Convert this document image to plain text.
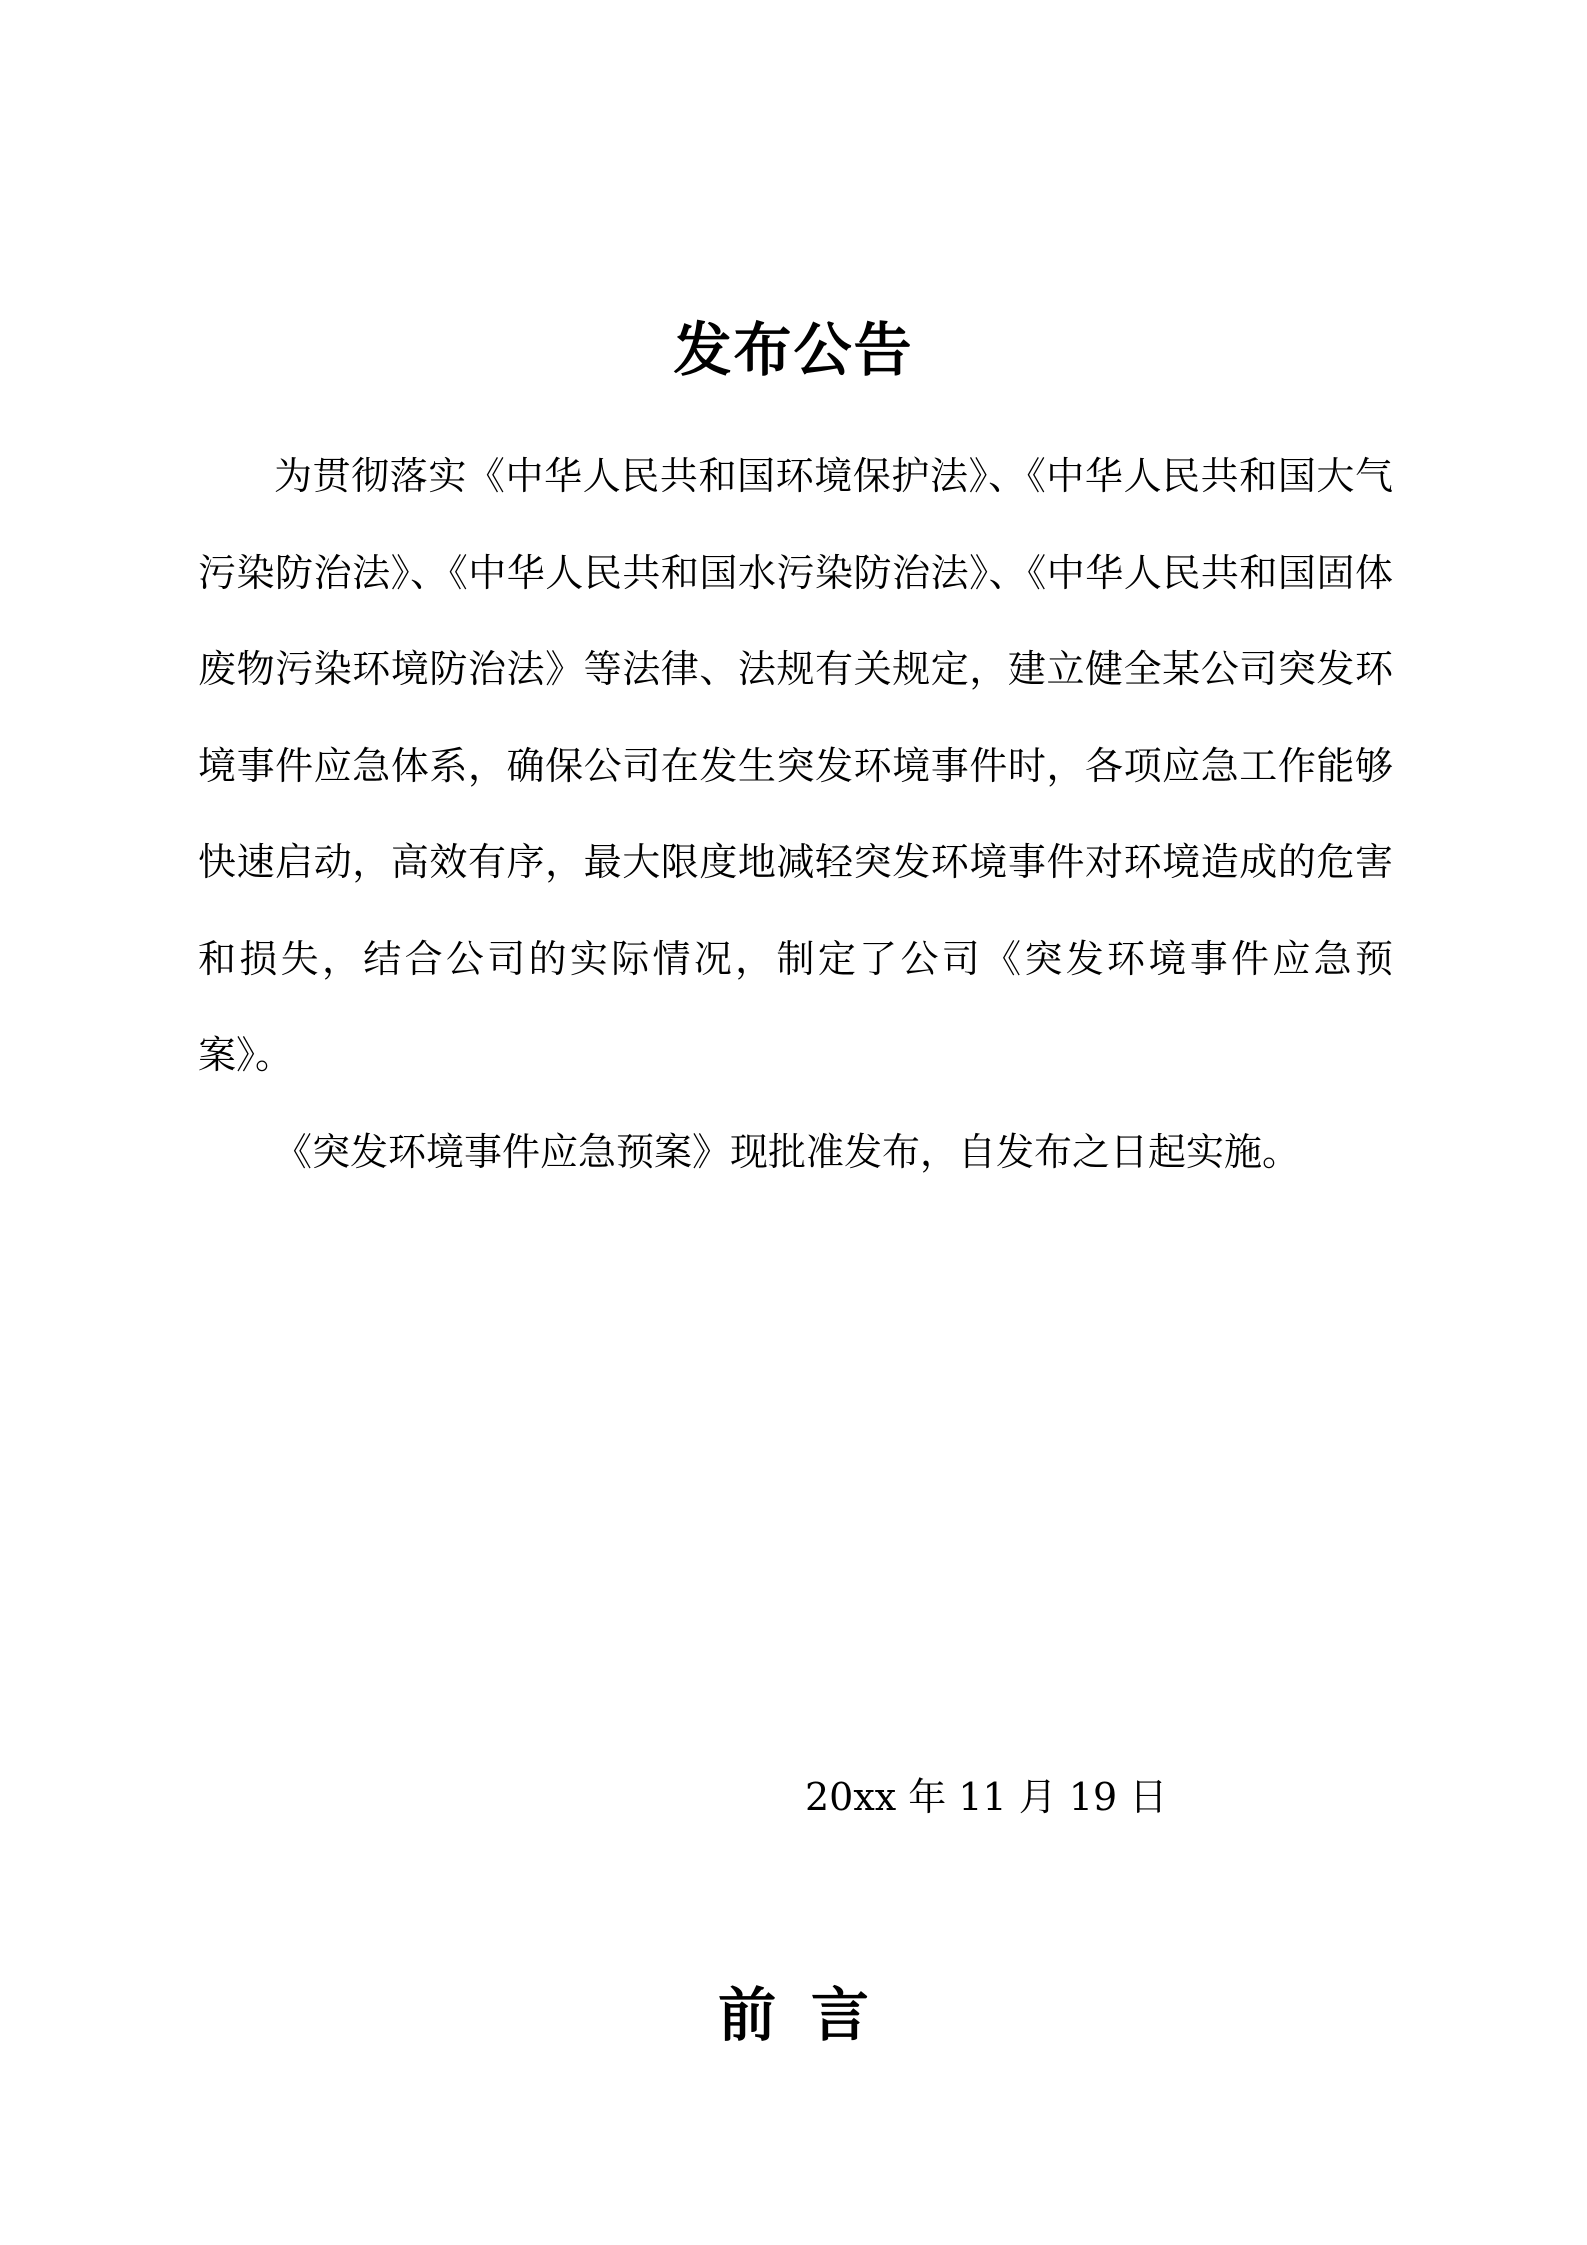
发布公告

为贯彻落实《中华人民共和国环境保护法》、《中华人民共和国大气污染防治法》、《中华人民共和国水污染防治法》、《中华人民共和国固体废物污染环境防治法》等法律、法规有关规定，建立健全某公司突发环境事件应急体系，确保公司在发生突发环境事件时，各项应急工作能够快速启动，高效有序，最大限度地减轻突发环境事件对环境造成的危害和损失，结合公司的实际情况，制定了公司《突发环境事件应急预案》。

《突发环境事件应急预案》现批准发布，自发布之日起实施。

20xx 年 11 月 19 日

前言
